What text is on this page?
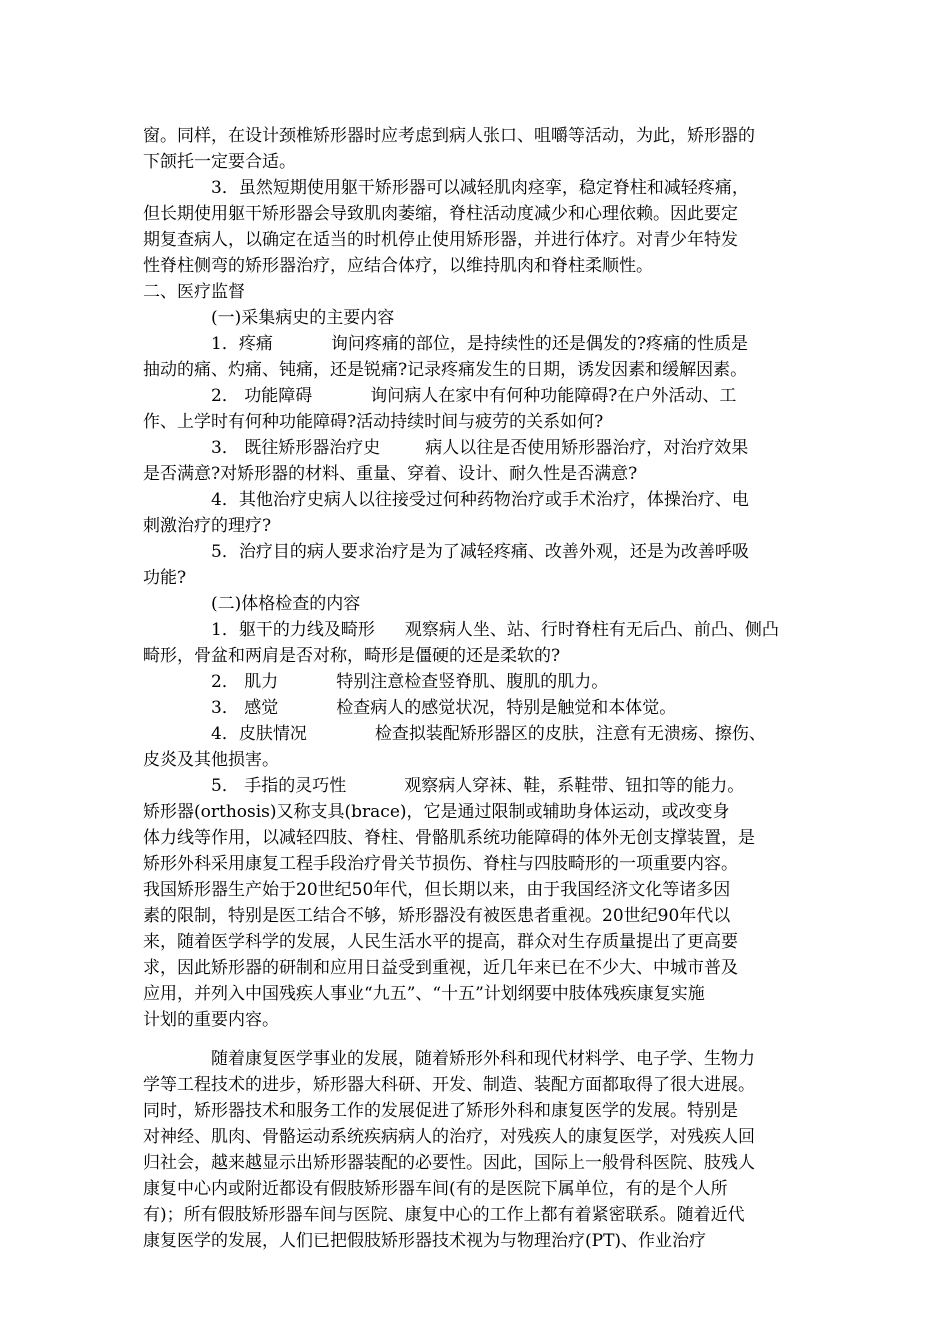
窗。同样，在设计颈椎矫形器时应考虑到病人张口、咀嚼等活动，为此，矫形器的

下颌托一定要合适。

3．虽然短期使用躯干矫形器可以减轻肌肉痉挛，稳定脊柱和减轻疼痛，

但长期使用躯干矫形器会导致肌肉萎缩，脊柱活动度减少和心理依赖。因此要定

期复查病人，以确定在适当的时机停止使用矫形器，并进行体疗。对青少年特发

性脊柱侧弯的矫形器治疗，应结合体疗，以维持肌肉和脊柱柔顺性。

二、医疗监督

(一)采集病史的主要内容

1．疼痛	询问疼痛的部位，是持续性的还是偶发的?疼痛的性质是

抽动的痛、灼痛、钝痛，还是锐痛?记录疼痛发生的日期，诱发因素和缓解因素。

2． 功能障碍	询问病人在家中有何种功能障碍?在户外活动、工

作、上学时有何种功能障碍?活动持续时间与疲劳的关系如何?

3． 既往矫形器治疗史	病人以往是否使用矫形器治疗，对治疗效果

是否满意?对矫形器的材料、重量、穿着、设计、耐久性是否满意?

4．其他治疗史病人以往接受过何种药物治疗或手术治疗，体操治疗、电

刺激治疗的理疗?

5．治疗目的病人要求治疗是为了减轻疼痛、改善外观，还是为改善呼吸

功能?

(二)体格检查的内容

1．躯干的力线及畸形 观察病人坐、站、行时脊柱有无后凸、前凸、侧凸

畸形，骨盆和两肩是否对称，畸形是僵硬的还是柔软的?

2． 肌力	特别注意检查竖脊肌、腹肌的肌力。

3． 感觉	检查病人的感觉状况，特别是触觉和本体觉。

4．皮肤情况	检查拟装配矫形器区的皮肤，注意有无溃疡、擦伤、

皮炎及其他损害。

5． 手指的灵巧性	观察病人穿袜、鞋，系鞋带、钮扣等的能力。

矫形器(orthosis)又称支具(brace)，它是通过限制或辅助身体运动，或改变身

体力线等作用，以减轻四肢、脊柱、骨骼肌系统功能障碍的体外无创支撑装置，是

矫形外科采用康复工程手段治疗骨关节损伤、脊柱与四肢畸形的一项重要内容。

我国矫形器生产始于20世纪50年代，但长期以来，由于我国经济文化等诸多因

素的限制，特别是医工结合不够，矫形器没有被医患者重视。20世纪90年代以

来，随着医学科学的发展，人民生活水平的提高，群众对生存质量提出了更高要

求，因此矫形器的研制和应用日益受到重视，近几年来已在不少大、中城市普及

应用，并列入中国残疾人事业“九五”、“十五”计划纲要中肢体残疾康复实施

计划的重要内容。

随着康复医学事业的发展，随着矫形外科和现代材料学、电子学、生物力

学等工程技术的进步，矫形器大科研、开发、制造、装配方面都取得了很大进展。

同时，矫形器技术和服务工作的发展促进了矫形外科和康复医学的发展。特别是

对神经、肌肉、骨骼运动系统疾病病人的治疗，对残疾人的康复医学，对残疾人回

归社会，越来越显示出矫形器装配的必要性。因此，国际上一般骨科医院、肢残人

康复中心内或附近都设有假肢矫形器车间(有的是医院下属单位，有的是个人所

有)；所有假肢矫形器车间与医院、康复中心的工作上都有着紧密联系。随着近代

康复医学的发展，人们已把假肢矫形器技术视为与物理治疗(PT)、作业治疗
